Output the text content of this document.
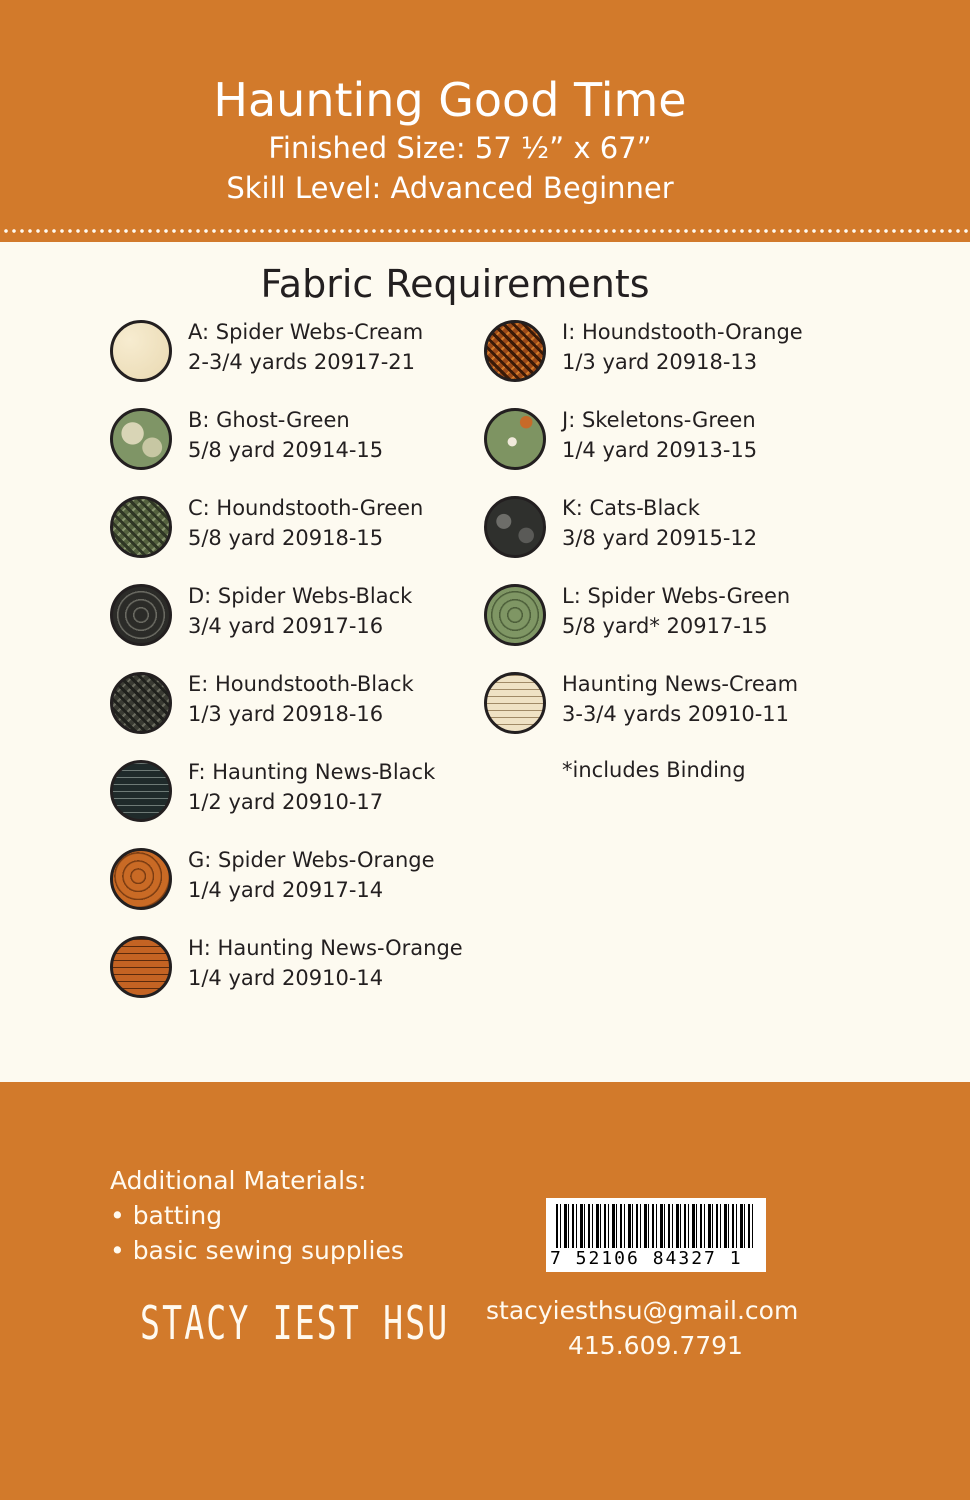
Haunting Good Time
Finished Size: 57 ½” x 67”
Skill Level: Advanced Beginner
Fabric Requirements
A: Spider Webs-Cream
2-3/4 yards 20917-21
B: Ghost-Green
5/8 yard 20914-15
C: Houndstooth-Green
5/8 yard 20918-15
D: Spider Webs-Black
3/4 yard 20917-16
E: Houndstooth-Black
1/3 yard 20918-16
F: Haunting News-Black
1/2 yard 20910-17
G: Spider Webs-Orange
1/4 yard 20917-14
H: Haunting News-Orange
1/4 yard 20910-14
I: Houndstooth-Orange
1/3 yard 20918-13
J: Skeletons-Green
1/4 yard 20913-15
K: Cats-Black
3/8 yard 20915-12
L: Spider Webs-Green
5/8 yard* 20917-15
Haunting News-Cream
3-3/4 yards 20910-11
*includes Binding
Additional Materials:
• batting
• basic sewing supplies
STACY IEST HSU
7 52106 84327 1
stacyiesthsu@gmail.com
415.609.7791
